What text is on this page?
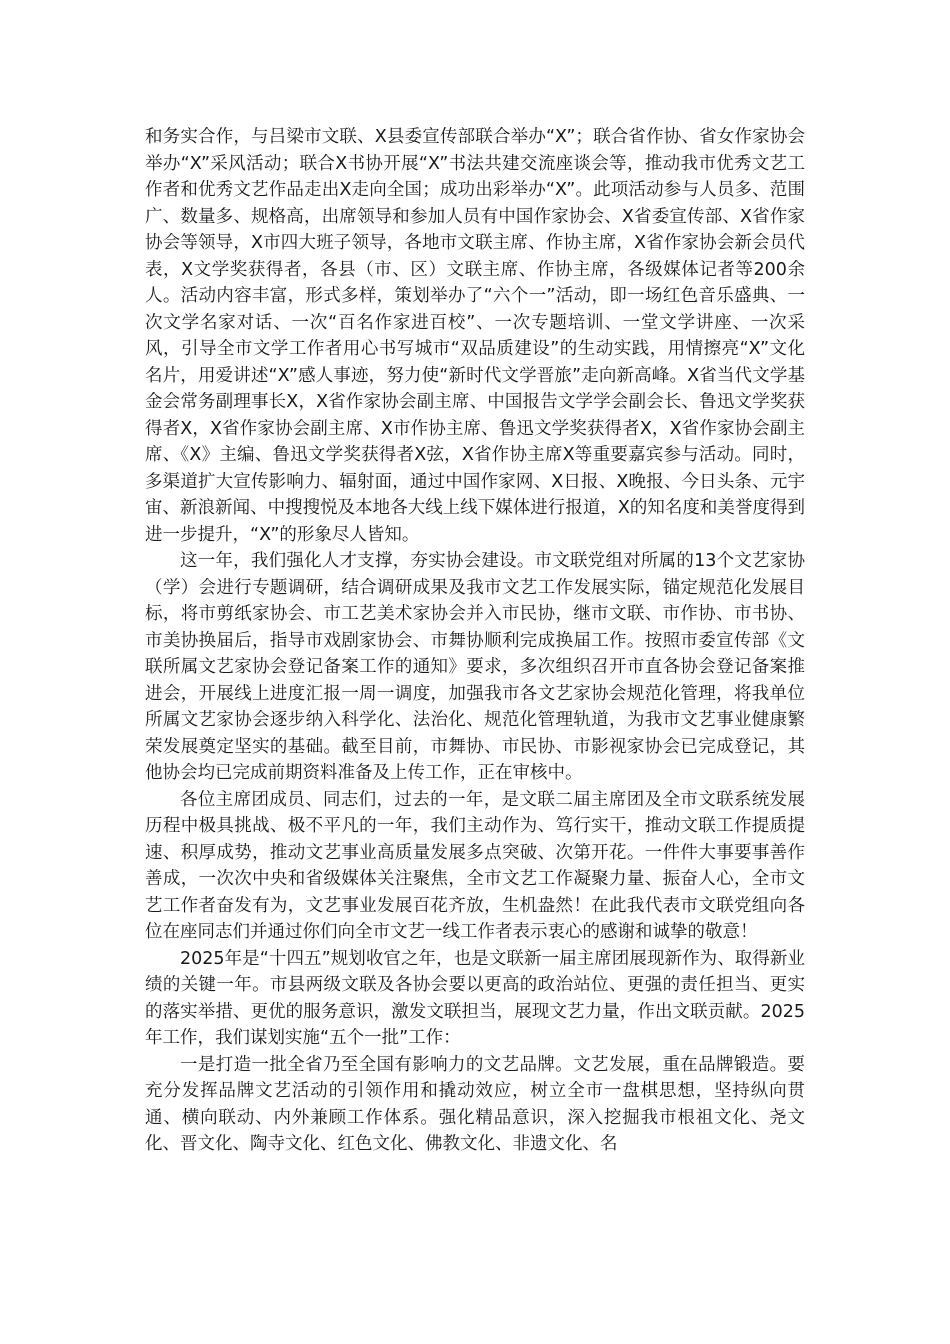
和务实合作，与吕梁市文联、X县委宣传部联合举办“X”；联合省作协、省女作家协会举办“X”采风活动；联合X书协开展“X”书法共建交流座谈会等，推动我市优秀文艺工作者和优秀文艺作品走出X走向全国；成功出彩举办“X”。此项活动参与人员多、范围广、数量多、规格高，出席领导和参加人员有中国作家协会、X省委宣传部、X省作家协会等领导，X市四大班子领导，各地市文联主席、作协主席，X省作家协会新会员代表，X文学奖获得者，各县（市、区）文联主席、作协主席，各级媒体记者等200余人。活动内容丰富，形式多样，策划举办了“六个一”活动，即一场红色音乐盛典、一次文学名家对话、一次“百名作家进百校”、一次专题培训、一堂文学讲座、一次采风，引导全市文学工作者用心书写城市“双品质建设”的生动实践，用情擦亮“X”文化名片，用爱讲述“X”感人事迹，努力使“新时代文学晋旅”走向新高峰。X省当代文学基金会常务副理事长X，X省作家协会副主席、中国报告文学学会副会长、鲁迅文学奖获得者X，X省作家协会副主席、X市作协主席、鲁迅文学奖获得者X，X省作家协会副主席、《X》主编、鲁迅文学奖获得者X弦，X省作协主席X等重要嘉宾参与活动。同时，多渠道扩大宣传影响力、辐射面，通过中国作家网、X日报、X晚报、今日头条、元宇宙、新浪新闻、中搜搜悦及本地各大线上线下媒体进行报道，X的知名度和美誉度得到进一步提升，“X”的形象尽人皆知。

这一年，我们强化人才支撑，夯实协会建设。市文联党组对所属的13个文艺家协（学）会进行专题调研，结合调研成果及我市文艺工作发展实际，锚定规范化发展目标，将市剪纸家协会、市工艺美术家协会并入市民协，继市文联、市作协、市书协、市美协换届后，指导市戏剧家协会、市舞协顺利完成换届工作。按照市委宣传部《文联所属文艺家协会登记备案工作的通知》要求，多次组织召开市直各协会登记备案推进会，开展线上进度汇报一周一调度，加强我市各文艺家协会规范化管理，将我单位所属文艺家协会逐步纳入科学化、法治化、规范化管理轨道，为我市文艺事业健康繁荣发展奠定坚实的基础。截至目前，市舞协、市民协、市影视家协会已完成登记，其他协会均已完成前期资料准备及上传工作，正在审核中。

各位主席团成员、同志们，过去的一年，是文联二届主席团及全市文联系统发展历程中极具挑战、极不平凡的一年，我们主动作为、笃行实干，推动文联工作提质提速、积厚成势，推动文艺事业高质量发展多点突破、次第开花。一件件大事要事善作善成，一次次中央和省级媒体关注聚焦，全市文艺工作凝聚力量、振奋人心，全市文艺工作者奋发有为，文艺事业发展百花齐放，生机盎然！在此我代表市文联党组向各位在座同志们并通过你们向全市文艺一线工作者表示衷心的感谢和诚挚的敬意！

2025年是“十四五”规划收官之年，也是文联新一届主席团展现新作为、取得新业绩的关键一年。市县两级文联及各协会要以更高的政治站位、更强的责任担当、更实的落实举措、更优的服务意识，激发文联担当，展现文艺力量，作出文联贡献。2025年工作，我们谋划实施“五个一批”工作：

一是打造一批全省乃至全国有影响力的文艺品牌。文艺发展，重在品牌锻造。要充分发挥品牌文艺活动的引领作用和撬动效应，树立全市一盘棋思想，坚持纵向贯通、横向联动、内外兼顾工作体系。强化精品意识，深入挖掘我市根祖文化、尧文化、晋文化、陶寺文化、红色文化、佛教文化、非遗文化、名
